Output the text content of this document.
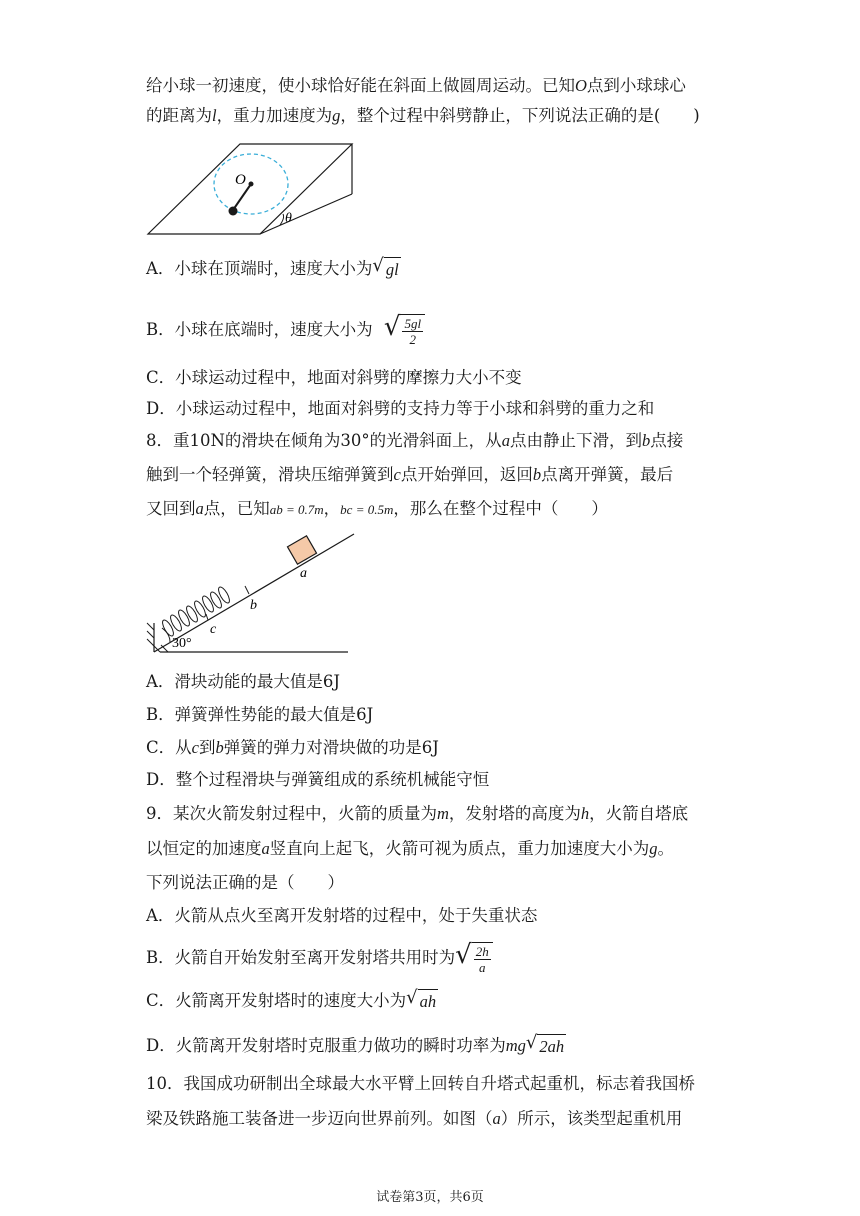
给小球一初速度，使小球恰好能在斜面上做圆周运动。已知O点到小球球心
的距离为l，重力加速度为g，整个过程中斜劈静止，下列说法正确的是(　　)
O
θ
A．小球在顶端时，速度大小为 √ gl
B．小球在底端时，速度大小为 √ $\frac{5gl}{2}$
C．小球运动过程中，地面对斜劈的摩擦力大小不变
D．小球运动过程中，地面对斜劈的支持力等于小球和斜劈的重力之和
8．重10N的滑块在倾角为30°的光滑斜面上，从a点由静止下滑，到b点接
触到一个轻弹簧，滑块压缩弹簧到c点开始弹回，返回b点离开弹簧，最后
又回到a点，已知ab = 0.7m，bc = 0.5m，那么在整个过程中（　　）
a
b
c
30°
A．滑块动能的最大值是6J
B．弹簧弹性势能的最大值是6J
C．从c到b弹簧的弹力对滑块做的功是6J
D．整个过程滑块与弹簧组成的系统机械能守恒
9．某次火箭发射过程中，火箭的质量为m，发射塔的高度为h，火箭自塔底
以恒定的加速度a竖直向上起飞，火箭可视为质点，重力加速度大小为g。
下列说法正确的是（　　）
A．火箭从点火至离开发射塔的过程中，处于失重状态
B．火箭自开始发射至离开发射塔共用时为 √ $\frac{2h}{a}$
C．火箭离开发射塔时的速度大小为 √ ah
D．火箭离开发射塔时克服重力做功的瞬时功率为mg √ 2ah
10．我国成功研制出全球最大水平臂上回转自升塔式起重机，标志着我国桥
梁及铁路施工装备进一步迈向世界前列。如图（a）所示，该类型起重机用
试卷第3页，共6页
